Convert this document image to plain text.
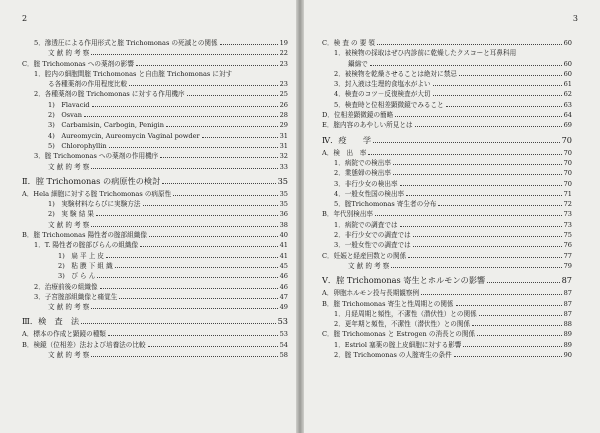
2
5．滲透圧による作用形式と腟 Trichomonas の死滅との関係	19
文 献 的 考 察	22
C．腟 Trichomonas への薬剤の影響	23
1．腔内の細胞間腟 Trichomonas と自由腟 Trichomonas に対す
る各種薬剤の作用程度比較	23
2．各種薬剤の腟 Trichomonas に対する作用機序	25
1)　Flavacid	26
2)　Osvan	28
3)　Carbamisin, Carbogin, Penigin	29
4)　Aureomycin, Aureomycin Vaginal powder	31
5)　Chlorophyllin	31
3．腟 Trichomonas への薬剤の作用機序	32
文 献 的 考 察	33
Ⅱ．腟 Trichomonas の病原性の検討	35
A．Hela 細胞に対する腟 Trichomonas の病原性	35
1)　実験材料ならびに実験方法	35
2)　実 験 結 果	36
文 献 的 考 察	38
B．腟 Trichomonas 陽性者の腟部組織像	40
1．T. 陽性者の腟部びらんの組織像	41
1)　扁 平 上 皮	41
2)　粘 膜 下 組 織	45
3)　び ら ん	46
2．治療前後の組織像	46
3．子宮腟部組織像と痛覚生	47
文 献 的 考 察	49
Ⅲ．検　査　法	53
A．標本の作成と顕鏡の種類	53
B．検鏡（位相差）法および培養法の比較	54
文 献 的 考 察	58
3
C．検 査 の 要 領	60
1．被検物の採取はぜひ内診前に乾燥したクスコーと耳鼻科用
鑷綿で	60
2．被検物を乾燥させることは絶対に禁忌	60
3．封入液は生理的食塩水がよい	61
4．検査のコツ－反復検査が大切	62
5．検査時と位相差顕微鏡でみること	63
D．位相差顕微鏡の簡略	64
E．腟内容のあやしい所見とは	69
Ⅳ．疫　　学	70
A．検　出　率	70
1．病院での検出率	70
2．業態婦の検出率	70
3．非行少女の検出率	70
4．一般女性国の検出率	71
5．腟Trichomonas 寄生者の分布	72
B．年代別検出率	73
1．病院での調査では	73
2．非行少女での調査では	75
3．一般女性での調査では	76
C．妊娠と経産回数との関係	77
文 献 的 考 察	79
Ⅴ．腟 Trichomonas 寄生とホルモンの影響	87
A．卵胞ホルモン投与長期観察例	87
B．腟 Trichomonas 寄生と性周期との関係	87
1．月経周期と頻性，不潔性（潜伏性）との関係	87
2．更年期と頻性，不潔性（潜伏性）との関係	88
C．腟 Trichomonas と Estrogen の消長との関係	89
1．Estriol 塞薬の腟上皮細胞に対する影響	89
2．腟 Trichomonas の人腟寄生の条件	90
